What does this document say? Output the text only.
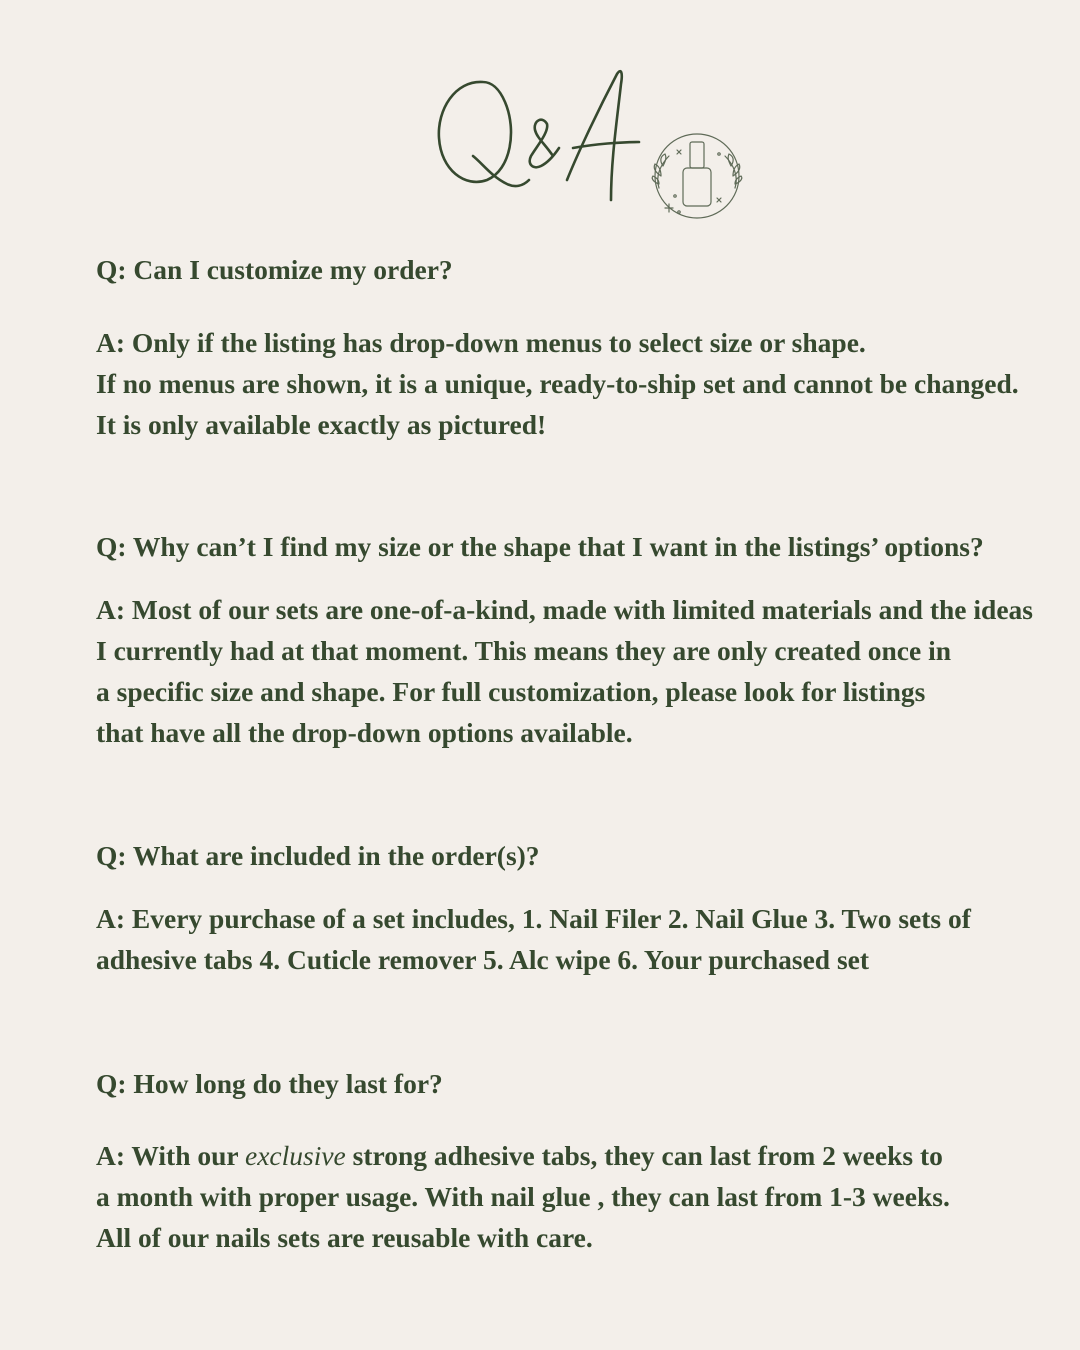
Q: Can I customize my order?
A: Only if the listing has drop-down menus to select size or shape.
If no menus are shown, it is a unique, ready-to-ship set and cannot be changed.
It is only available exactly as pictured!
Q: Why can’t I find my size or the shape that I want in the listings’ options?
A: Most of our sets are one-of-a-kind, made with limited materials and the ideas
I currently had at that moment. This means they are only created once in
a specific size and shape. For full customization, please look for listings
that have all the drop-down options available.
Q: What are included in the order(s)?
A: Every purchase of a set includes, 1. Nail Filer 2. Nail Glue 3. Two sets of
adhesive tabs 4. Cuticle remover 5. Alc wipe 6. Your purchased set
Q: How long do they last for?
A: With our exclusive strong adhesive tabs, they can last from 2 weeks to
a month with proper usage. With nail glue , they can last from 1-3 weeks.
All of our nails sets are reusable with care.
